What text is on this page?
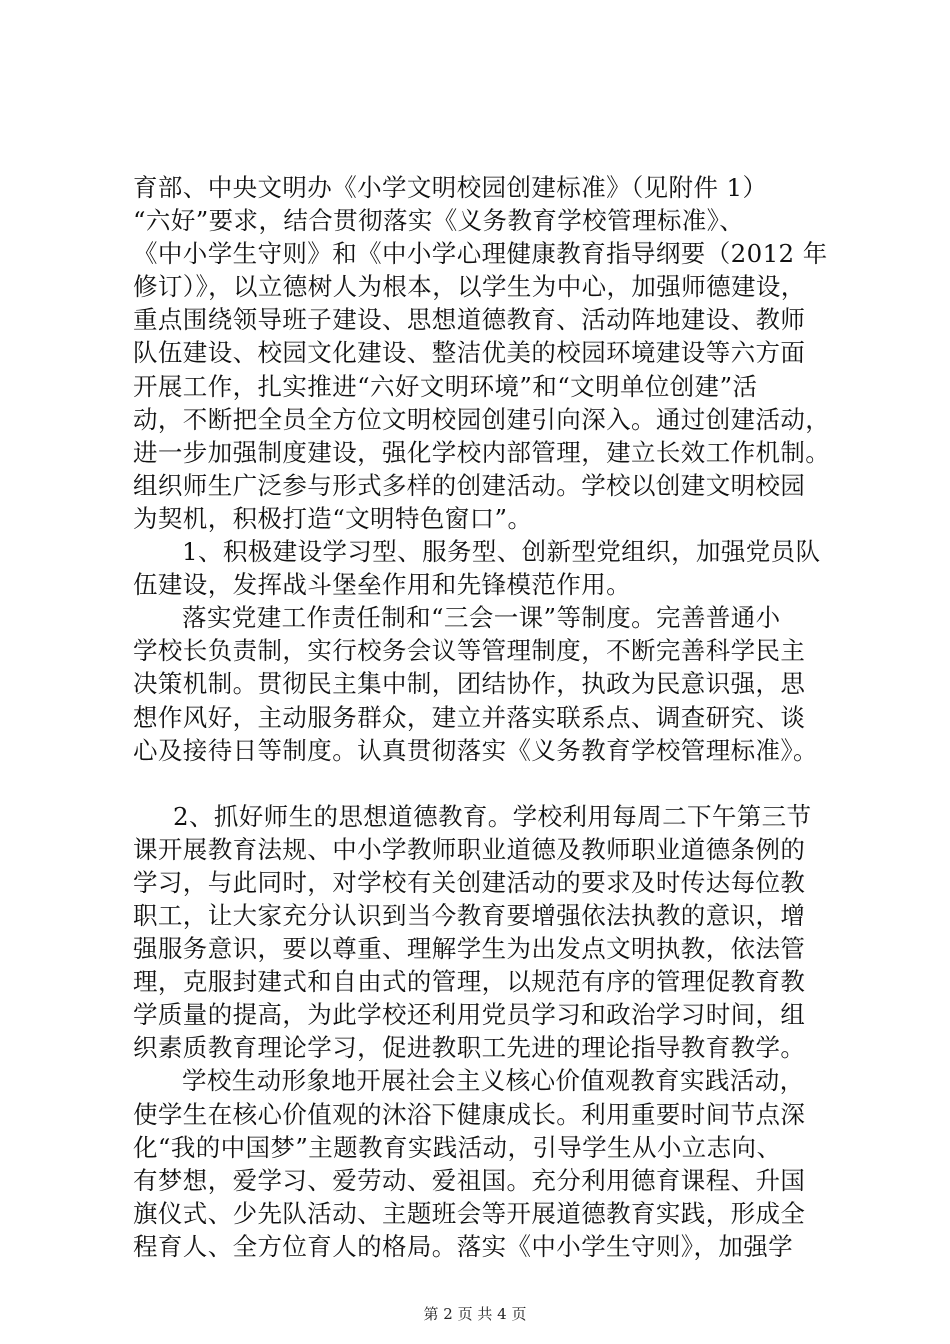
育部、中央文明办《小学文明校园创建标准》（见附件 1）
“六好”要求，结合贯彻落实《义务教育学校管理标准》、
《中小学生守则》和《中小学心理健康教育指导纲要（2012 年
修订）》，以立德树人为根本，以学生为中心，加强师德建设，
重点围绕领导班子建设、思想道德教育、活动阵地建设、教师
队伍建设、校园文化建设、整洁优美的校园环境建设等六方面
开展工作，扎实推进“六好文明环境”和“文明单位创建”活
动，不断把全员全方位文明校园创建引向深入。通过创建活动，
进一步加强制度建设，强化学校内部管理，建立长效工作机制。
组织师生广泛参与形式多样的创建活动。学校以创建文明校园
为契机，积极打造“文明特色窗口”。

1、积极建设学习型、服务型、创新型党组织，加强党员队
伍建设，发挥战斗堡垒作用和先锋模范作用。

落实党建工作责任制和“三会一课”等制度。完善普通小
学校长负责制，实行校务会议等管理制度，不断完善科学民主
决策机制。贯彻民主集中制，团结协作，执政为民意识强，思
想作风好，主动服务群众，建立并落实联系点、调查研究、谈
心及接待日等制度。认真贯彻落实《义务教育学校管理标准》。

2、抓好师生的思想道德教育。学校利用每周二下午第三节
课开展教育法规、中小学教师职业道德及教师职业道德条例的
学习，与此同时，对学校有关创建活动的要求及时传达每位教
职工，让大家充分认识到当今教育要增强依法执教的意识，增
强服务意识，要以尊重、理解学生为出发点文明执教，依法管
理，克服封建式和自由式的管理，以规范有序的管理促教育教
学质量的提高，为此学校还利用党员学习和政治学习时间，组
织素质教育理论学习，促进教职工先进的理论指导教育教学。

学校生动形象地开展社会主义核心价值观教育实践活动，
使学生在核心价值观的沐浴下健康成长。利用重要时间节点深
化“我的中国梦”主题教育实践活动，引导学生从小立志向、
有梦想，爱学习、爱劳动、爱祖国。充分利用德育课程、升国
旗仪式、少先队活动、主题班会等开展道德教育实践，形成全
程育人、全方位育人的格局。落实《中小学生守则》，加强学

第 2 页 共 4 页
